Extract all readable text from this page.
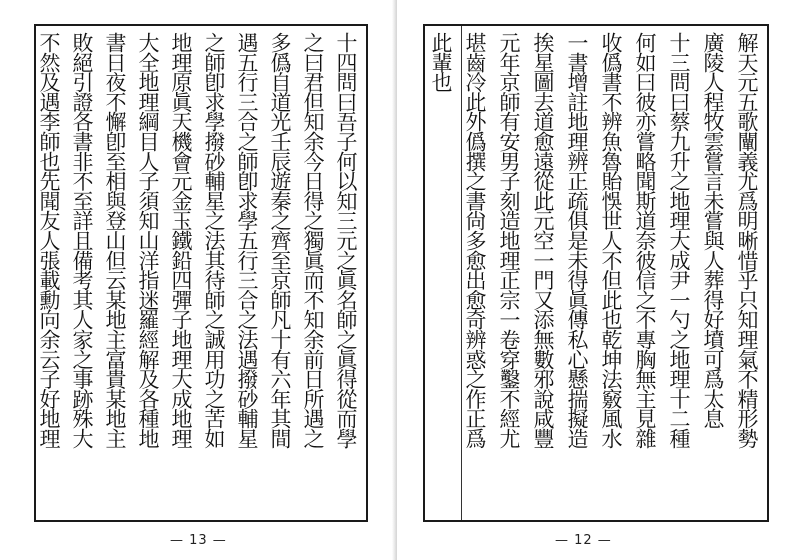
十四問曰吾子何以知三元之眞名師之眞得從而學
之曰君但知余今日得之獨眞而不知余前日所遇之
多僞自道光壬辰遊秦之齊至京師凡十有六年其間
遇五行三合之師卽求學五行三合之法遇撥砂輔星
之師卽求學撥砂輔星之法其待師之誠用功之苦如
地理原眞天機會元金玉鐵鉛四彈子地理大成地理
大全地理綱目人子須知山洋指迷羅經解及各種地
書日夜不懈卽至相與登山但云某地主富貴某地主
敗絕引證各書非不至詳且備考其人家之事跡殊大
不然及遇李師也先聞友人張載勳向余云子好地理
— 13 —
解天元五歌闡義尤爲明晰惜乎只知理氣不精形勢
廣陵人程牧雲嘗言未嘗與人葬得好墳可爲太息
十三問曰蔡九升之地理大成尹一勺之地理十二種
何如曰彼亦嘗略聞斯道奈彼信之不專胸無主見雜
收僞書不辨魚魯貽悞世人不但此也乾坤法竅風水
一書增註地理辨正疏俱是未得眞傳私心懸揣擬造
挨星圖去道愈遠從此元空一門又添無數邪說咸豐
元年京師有安男子刻造地理正宗一卷穿鑿不經尤
堪齒冷此外僞撰之書尙多愈出愈奇辨惑之作正爲
此輩也
— 12 —
